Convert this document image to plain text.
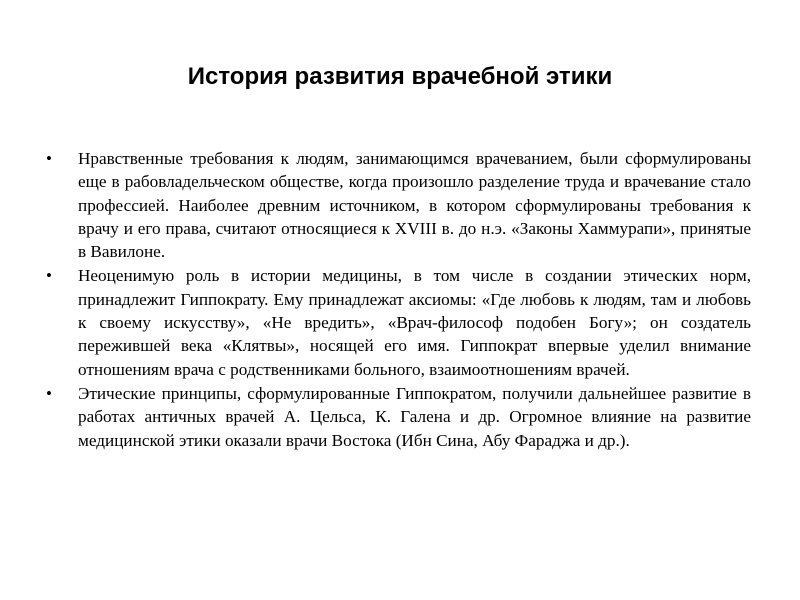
История развития врачебной этики
• Нравственные требования к людям, занимающимся врачеванием, были сформулированы еще в рабовладельческом обществе, когда произошло разделение труда и врачевание стало профессией. Наиболее древним источником, в котором сформулированы требования к врачу и его права, считают относящиеся к XVIII в. до н.э. «Законы Хаммурапи», принятые в Вавилоне.
• Неоценимую роль в истории медицины, в том числе в создании этических норм, принадлежит Гиппократу. Ему принадлежат аксиомы: «Где любовь к людям, там и любовь к своему искусству», «Не вредить», «Врач-философ подобен Богу»; он создатель пережившей века «Клятвы», носящей его имя. Гиппократ впервые уделил внимание отношениям врача с родственниками больного, взаимоотношениям врачей.
• Этические принципы, сформулированные Гиппократом, получили дальнейшее развитие в работах античных врачей А. Цельса, К. Галена и др. Огромное влияние на развитие медицинской этики оказали врачи Востока (Ибн Сина, Абу Фараджа и др.).
